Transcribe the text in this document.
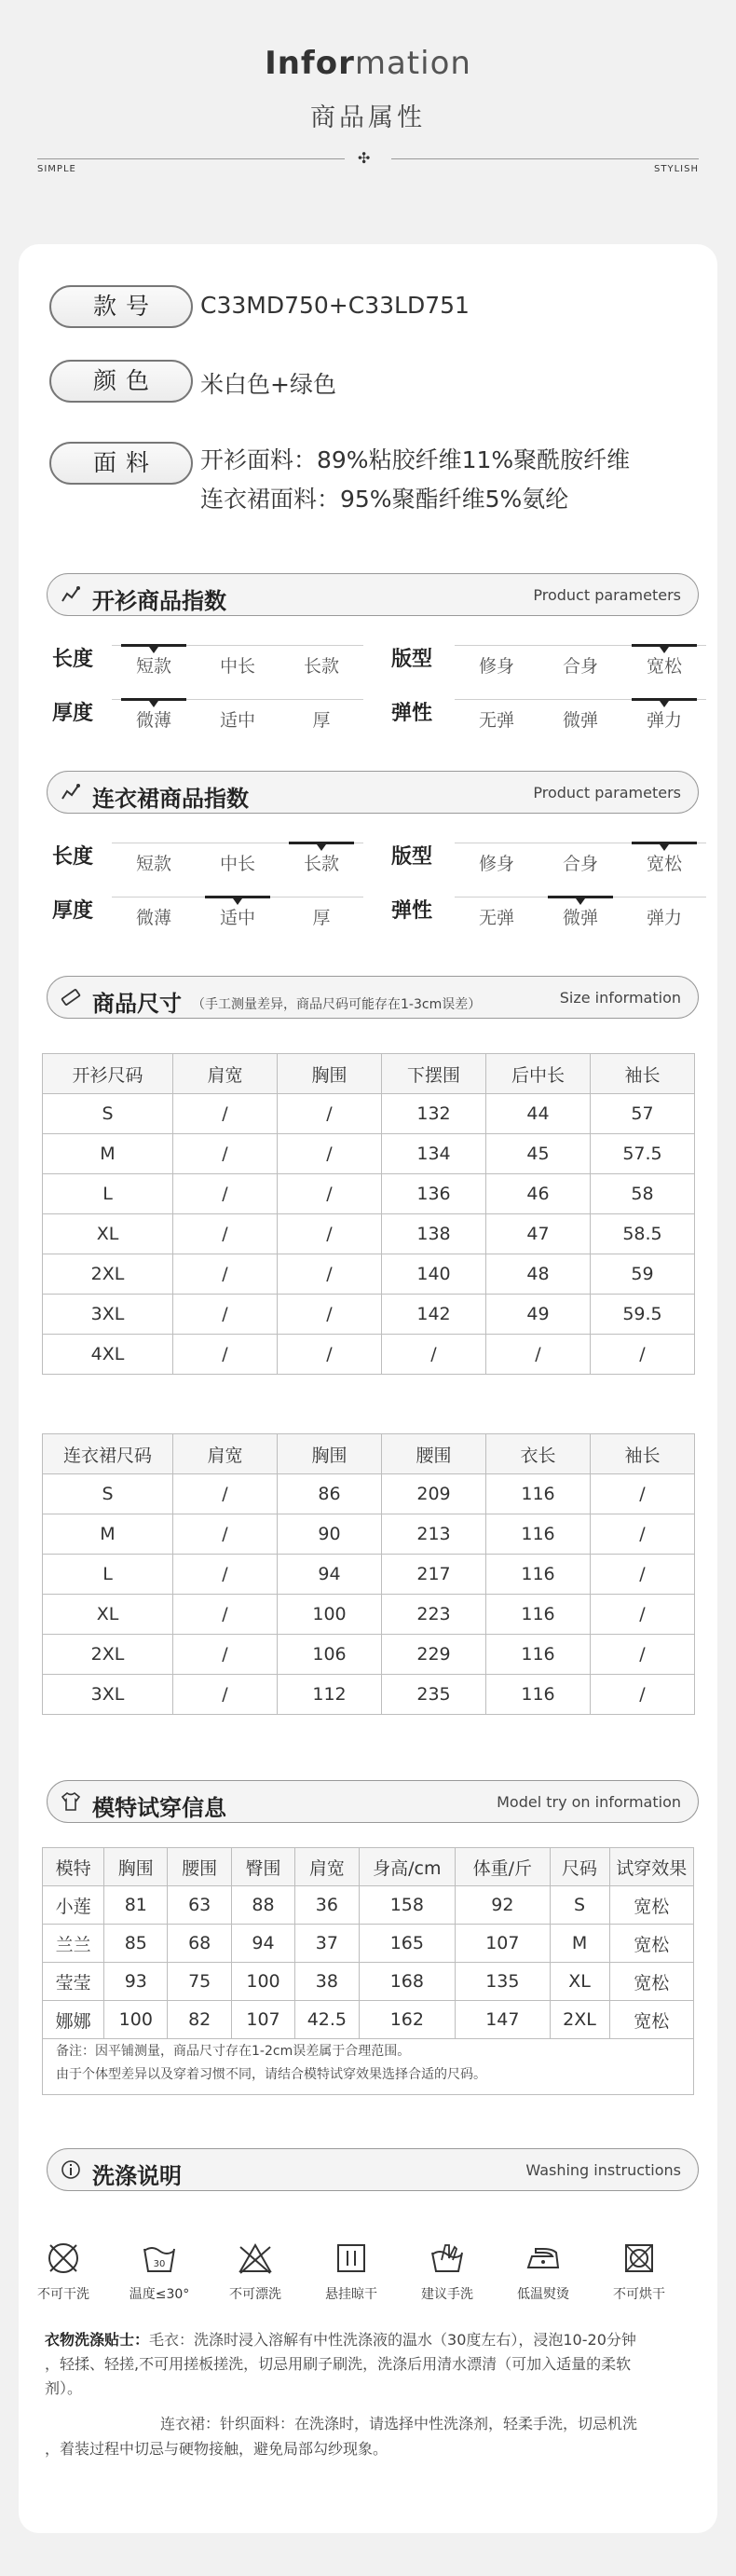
Information
商品属性
✣
SIMPLE	STYLISH
款号	C33MD750+C33LD751
颜色	米白色+绿色
面料	开衫面料：89%粘胶纤维11%聚酰胺纤维
连衣裙面料：95%聚酯纤维5%氨纶
开衫商品指数	Product parameters
连衣裙商品指数	Product parameters
商品尺寸 （手工测量差异，商品尺码可能存在1-3cm误差）	Size information
开衫尺码	肩宽	胸围	下摆围	后中长	袖长
S	/	/	132	44	57
M	/	/	134	45	57.5
L	/	/	136	46	58
XL	/	/	138	47	58.5
2XL	/	/	140	48	59
3XL	/	/	142	49	59.5
4XL	/	/	/	/	/
连衣裙尺码	肩宽	胸围	腰围	衣长	袖长
S	/	86	209	116	/
M	/	90	213	116	/
L	/	94	217	116	/
XL	/	100	223	116	/
2XL	/	106	229	116	/
3XL	/	112	235	116	/
模特试穿信息	Model try on information
模特	胸围	腰围	臀围	肩宽	身高/cm	体重/斤	尺码	试穿效果
小莲	81	63	88	36	158	92	S	宽松
兰兰	85	68	94	37	165	107	M	宽松
莹莹	93	75	100	38	168	135	XL	宽松
娜娜	100	82	107	42.5	162	147	2XL	宽松
备注：因平铺测量，商品尺寸存在1-2cm误差属于合理范围。
由于个体型差异以及穿着习惯不同，请结合模特试穿效果选择合适的尺码。
洗涤说明	Washing instructions
不可干洗
30
温度≤30°	不可漂洗	悬挂晾干	建议手洗	低温熨烫	不可烘干
衣物洗涤贴士：毛衣：洗涤时浸入溶解有中性洗涤液的温水（30度左右），浸泡10-20分钟
，轻揉、轻搓,不可用搓板搓洗，切忌用刷子刷洗，洗涤后用清水漂清（可加入适量的柔软
剂）。
连衣裙：针织面料：在洗涤时，请选择中性洗涤剂，轻柔手洗，切忌机洗
，着装过程中切忌与硬物接触，避免局部勾纱现象。
长度	短款	中长	长款	版型	修身	合身	宽松
厚度	微薄	适中	厚	弹性	无弹	微弹	弹力
长度	短款	中长	长款	版型	修身	合身	宽松
厚度	微薄	适中	厚	弹性	无弹	微弹	弹力
